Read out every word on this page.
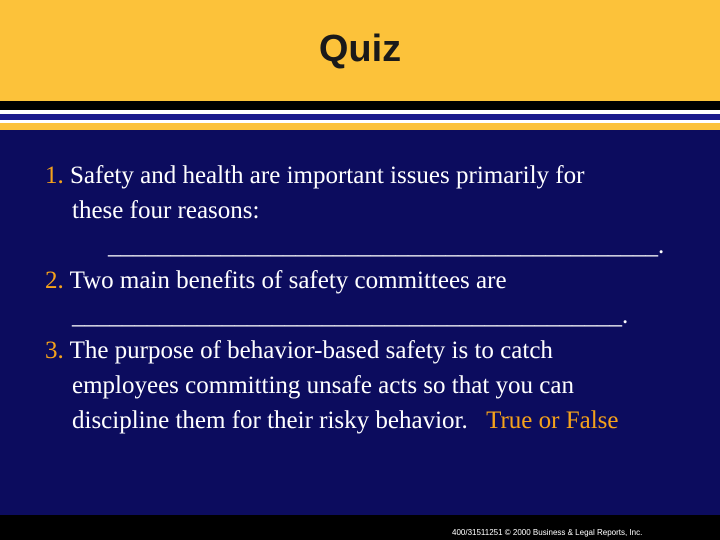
Quiz
1. Safety and health are important issues primarily for
these four reasons:
____________________________________________.
2. Two main benefits of safety committees are
____________________________________________.
3. The purpose of behavior-based safety is to catch
employees committing unsafe acts so that you can
discipline them for their risky behavior. True or False
400/31511251 © 2000 Business & Legal Reports, Inc.
